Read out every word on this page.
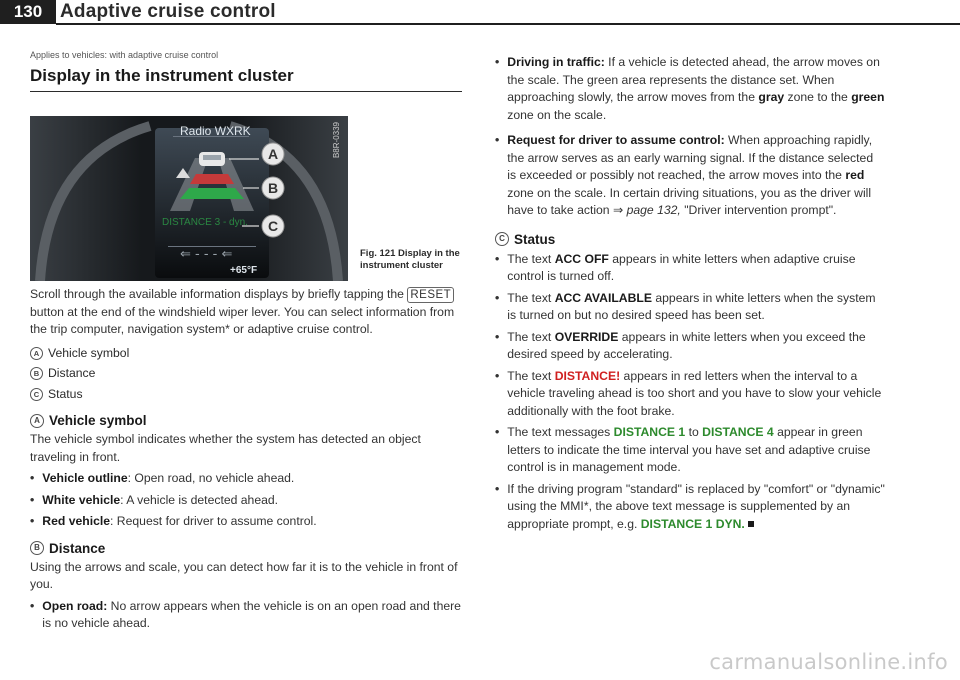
130 Adaptive cruise control
Applies to vehicles: with adaptive cruise control
Display in the instrument cluster
⇐ - - - ⇐
Radio WXRK
DISTANCE 3 - dyn.
+65°F
A
B
C
B8R-0339
Fig. 121 Display in the instrument cluster

Scroll through the available information displays by briefly tapping the RESET button at the end of the windshield wiper lever. You can select information from the trip computer, navigation system* or adaptive cruise control.

A Vehicle symbol
B Distance
C Status
A Vehicle symbol

The vehicle symbol indicates whether the system has detected an object traveling in front.

• Vehicle outline: Open road, no vehicle ahead.
• White vehicle: A vehicle is detected ahead.
• Red vehicle: Request for driver to assume control.
B Distance

Using the arrows and scale, you can detect how far it is to the vehicle in front of you.

• Open road: No arrow appears when the vehicle is on an open road and there is no vehicle ahead.
• Driving in traffic: If a vehicle is detected ahead, the arrow moves on the scale. The green area represents the distance set. When approaching slowly, the arrow moves from the gray zone to the green zone on the scale.
• Request for driver to assume control: When approaching rapidly, the arrow serves as an early warning signal. If the distance selected is exceeded or possibly not reached, the arrow moves into the red zone on the scale. In certain driving situations, you as the driver will have to take action ⇒ page 132, "Driver intervention prompt".
C Status
• The text ACC OFF appears in white letters when adaptive cruise control is turned off.
• The text ACC AVAILABLE appears in white letters when the system is turned on but no desired speed has been set.
• The text OVERRIDE appears in white letters when you exceed the desired speed by accelerating.
• The text DISTANCE! appears in red letters when the interval to a vehicle traveling ahead is too short and you have to slow your vehicle additionally with the foot brake.
• The text messages DISTANCE 1 to DISTANCE 4 appear in green letters to indicate the time interval you have set and adaptive cruise control is in management mode.
• If the driving program "standard" is replaced by "comfort" or "dynamic" using the MMI*, the above text message is supplemented by an appropriate prompt, e.g. DISTANCE 1 DYN.
carmanualsonline.info
